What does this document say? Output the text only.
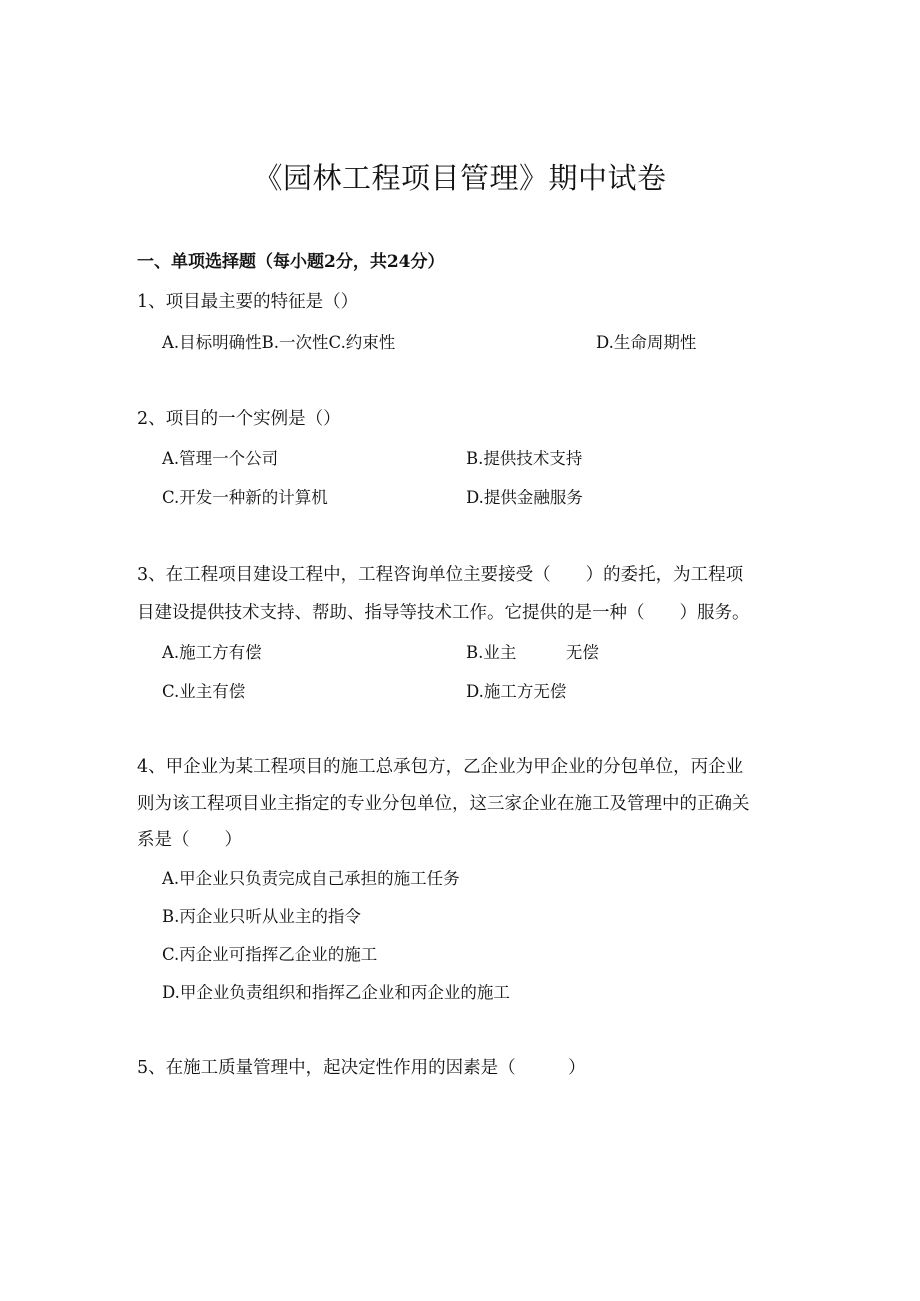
《园林工程项目管理》期中试卷
一、单项选择题（每小题2分，共24分）
1、项目最主要的特征是（）
A.目标明确性B.一次性C.约束性	D.生命周期性
2、项目的一个实例是（）
A.管理一个公司	B.提供技术支持
C.开发一种新的计算机	D.提供金融服务
3、在工程项目建设工程中，工程咨询单位主要接受（　　）的委托，为工程项
目建设提供技术支持、帮助、指导等技术工作。它提供的是一种（　　）服务。
A.施工方有偿	B.业主　　　无偿
C.业主有偿	D.施工方无偿
4、甲企业为某工程项目的施工总承包方，乙企业为甲企业的分包单位，丙企业
则为该工程项目业主指定的专业分包单位，这三家企业在施工及管理中的正确关
系是（　　）
A.甲企业只负责完成自己承担的施工任务
B.丙企业只听从业主的指令
C.丙企业可指挥乙企业的施工
D.甲企业负责组织和指挥乙企业和丙企业的施工
5、在施工质量管理中，起决定性作用的因素是（　　　）
